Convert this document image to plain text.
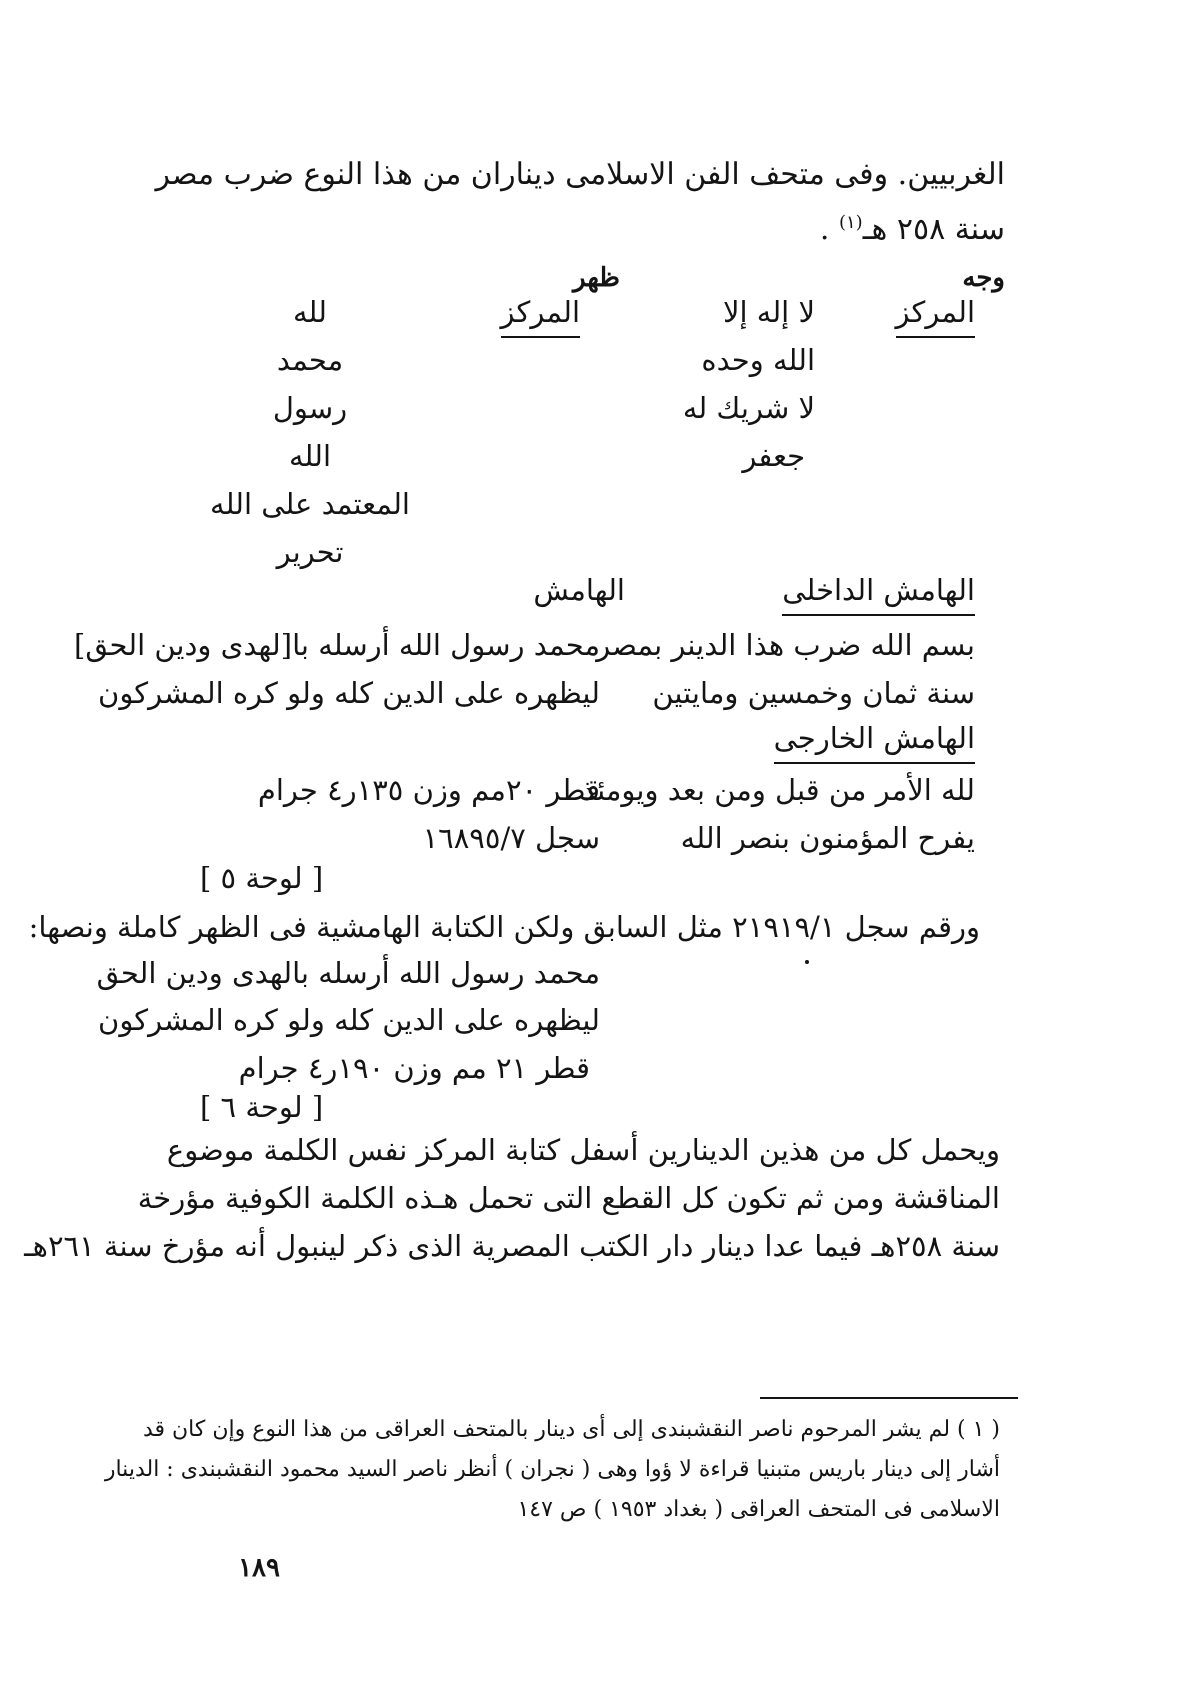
الغربيين. وفى متحف الفن الاسلامى ديناران من هذا النوع ضرب مصر
سنة ٢٥٨ هـ$^{(١)}$ .
وجه
ظهر
المركز
المركز	لا إله إلا
الله وحده
لا شريك له
جعفر
لله
محمد
رسول
الله
المعتمد على الله
تحرير
الهامش الداخلى
الهامش
بسم الله ضرب هذا الدينر بمصر
سنة ثمان وخمسين ومايتين
محمد رسول الله أرسله با[لهدى ودين الحق]
ليظهره على الدين كله ولو كره المشركون
الهامش الخارجى
لله الأمر من قبل ومن بعد ويومئذ
يفرح المؤمنون بنصر الله
قطر ٢٠مم وزن ١٣٥ر٤ جرام
سجل ١٦٨٩٥/٧
[ لوحة ٥ ]
ورقم سجل ٢١٩١٩/١ مثل السابق ولكن الكتابة الهامشية فى الظهر كاملة ونصها:
محمد رسول الله أرسله بالهدى ودين الحق
ليظهره على الدين كله ولو كره المشركون
قطر ٢١ مم وزن ١٩٠ر٤ جرام
[ لوحة ٦ ]
ويحمل كل من هذين الدينارين أسفل كتابة المركز نفس الكلمة موضوع
المناقشة ومن ثم تكون كل القطع التى تحمل هـذه الكلمة الكوفية مؤرخة
سنة ٢٥٨هـ فيما عدا دينار دار الكتب المصرية الذى ذكر لينبول أنه مؤرخ سنة ٢٦١هـ
( ١ ) لم يشر المرحوم ناصر النقشبندى إلى أى دينار بالمتحف العراقى من هذا النوع وإن كان قد
أشار إلى دينار باريس متبنيا قراءة لا ؤوا وهى ( نجران ) أنظر ناصر السيد محمود النقشبندى : الدينار
الاسلامى فى المتحف العراقى ( بغداد ١٩٥٣ ) ص ١٤٧
١٨٩
